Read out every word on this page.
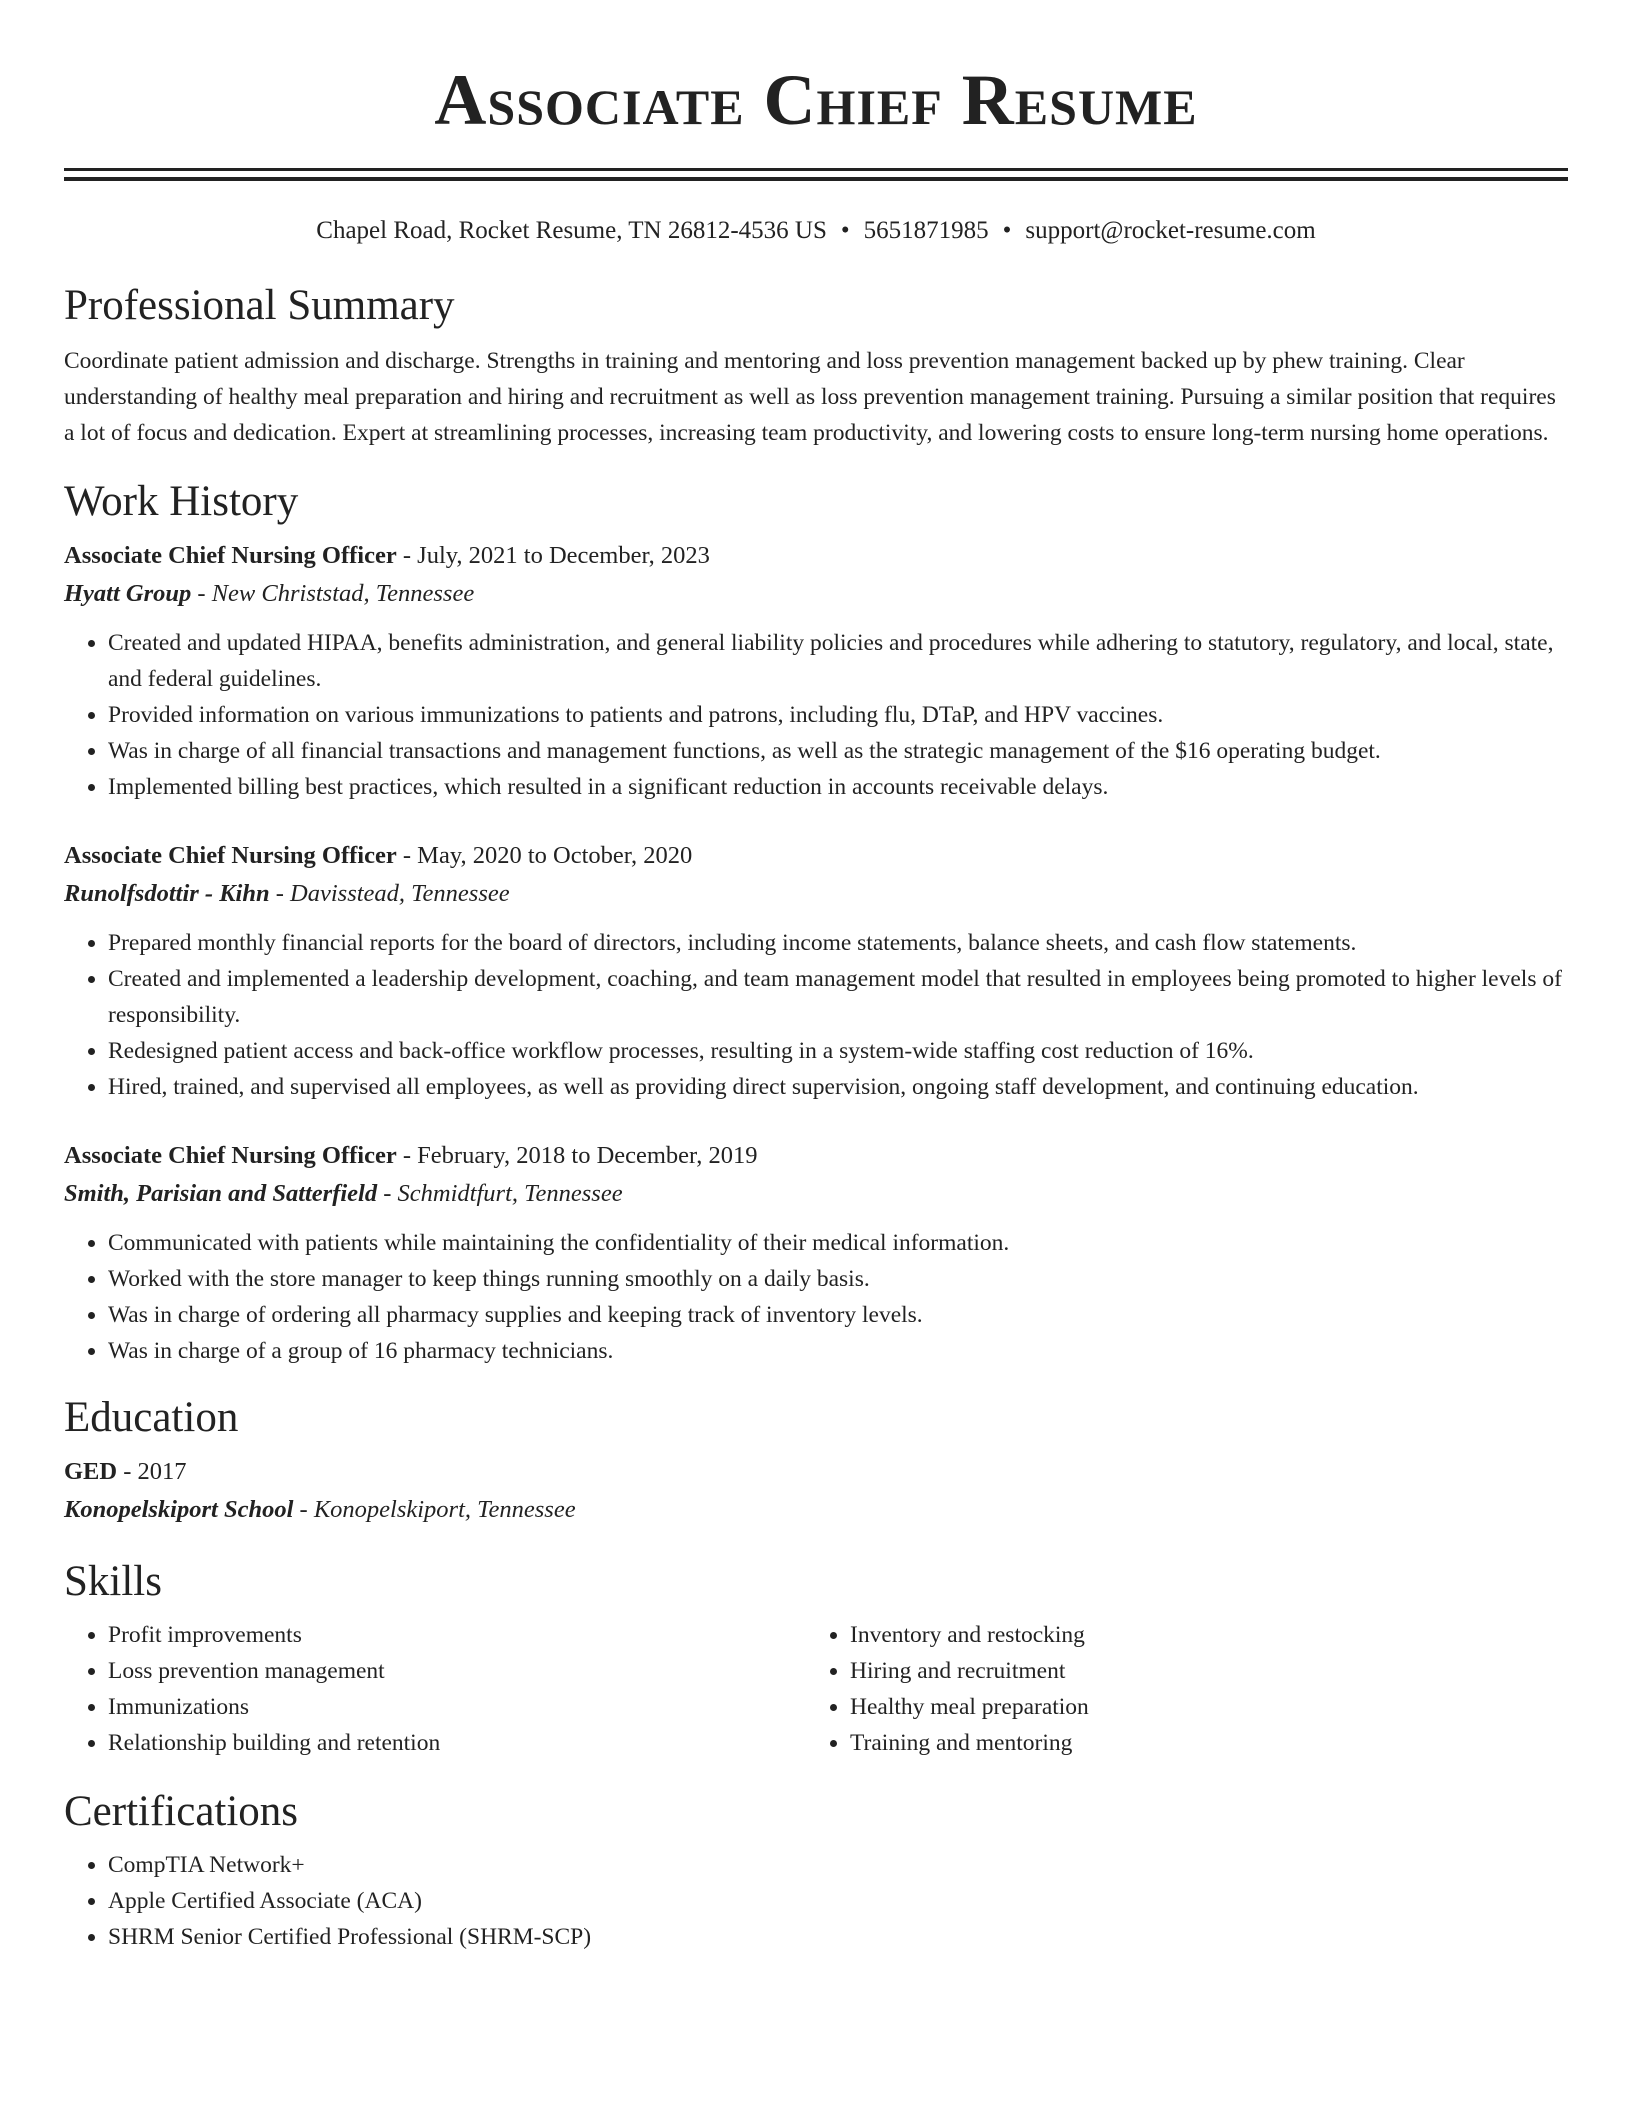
Associate Chief Resume
Chapel Road, Rocket Resume, TN 26812-4536 US • 5651871985 • support@rocket-resume.com
Professional Summary

Coordinate patient admission and discharge. Strengths in training and mentoring and loss prevention management backed up by phew training. Clear understanding of healthy meal preparation and hiring and recruitment as well as loss prevention management training. Pursuing a similar position that requires a lot of focus and dedication. Expert at streamlining processes, increasing team productivity, and lowering costs to ensure long-term nursing home operations.

Work History
Associate Chief Nursing Officer - July, 2021 to December, 2023
Hyatt Group - New Christstad, Tennessee
• Created and updated HIPAA, benefits administration, and general liability policies and procedures while adhering to statutory, regulatory, and local, state, and federal guidelines.
• Provided information on various immunizations to patients and patrons, including flu, DTaP, and HPV vaccines.
• Was in charge of all financial transactions and management functions, as well as the strategic management of the $16 operating budget.
• Implemented billing best practices, which resulted in a significant reduction in accounts receivable delays.
Associate Chief Nursing Officer - May, 2020 to October, 2020
Runolfsdottir - Kihn - Davisstead, Tennessee
• Prepared monthly financial reports for the board of directors, including income statements, balance sheets, and cash flow statements.
• Created and implemented a leadership development, coaching, and team management model that resulted in employees being promoted to higher levels of responsibility.
• Redesigned patient access and back-office workflow processes, resulting in a system-wide staffing cost reduction of 16%.
• Hired, trained, and supervised all employees, as well as providing direct supervision, ongoing staff development, and continuing education.
Associate Chief Nursing Officer - February, 2018 to December, 2019
Smith, Parisian and Satterfield - Schmidtfurt, Tennessee
• Communicated with patients while maintaining the confidentiality of their medical information.
• Worked with the store manager to keep things running smoothly on a daily basis.
• Was in charge of ordering all pharmacy supplies and keeping track of inventory levels.
• Was in charge of a group of 16 pharmacy technicians.
Education
GED - 2017
Konopelskiport School - Konopelskiport, Tennessee
Skills
• Profit improvements
• Loss prevention management
• Immunizations
• Relationship building and retention
• Inventory and restocking
• Hiring and recruitment
• Healthy meal preparation
• Training and mentoring
Certifications
• CompTIA Network+
• Apple Certified Associate (ACA)
• SHRM Senior Certified Professional (SHRM-SCP)
